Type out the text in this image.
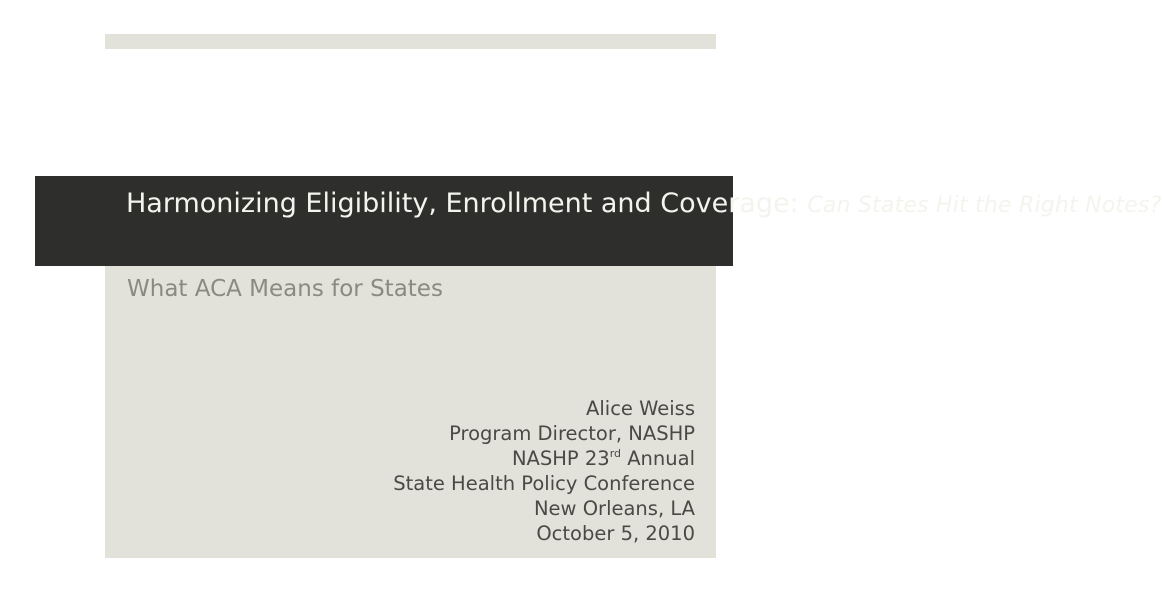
Harmonizing Eligibility, Enrollment and Coverage: Can States Hit the Right Notes?
What ACA Means for States
Alice Weiss
Program Director, NASHP
NASHP 23rd Annual
State Health Policy Conference
New Orleans, LA
October 5, 2010
